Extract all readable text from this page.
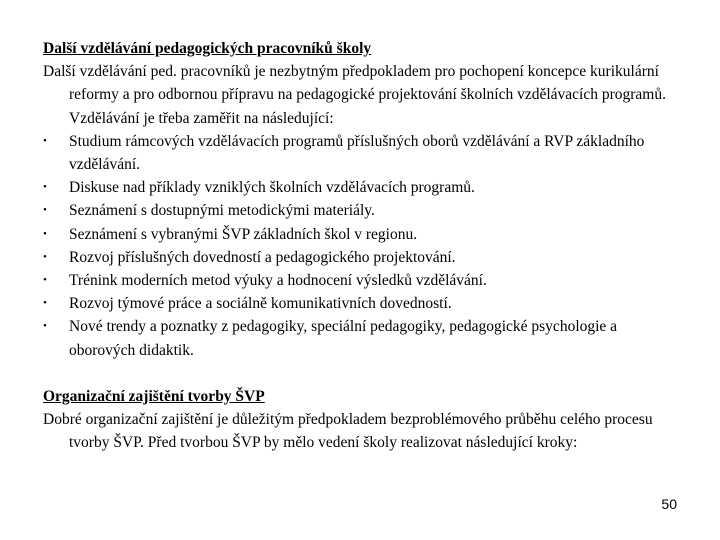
Další vzdělávání pedagogických pracovníků školy
Další vzdělávání ped. pracovníků je nezbytným předpokladem pro pochopení koncepce kurikulární reformy a pro odbornou přípravu na pedagogické projektování školních vzdělávacích programů. Vzdělávání je třeba zaměřit na následující:
•	Studium rámcových vzdělávacích programů příslušných oborů vzdělávání a RVP základního vzdělávání.
•	Diskuse nad příklady vzniklých školních vzdělávacích programů.
•	Seznámení s dostupnými metodickými materiály.
•	Seznámení s vybranými ŠVP základních škol v regionu.
•	Rozvoj příslušných dovedností a pedagogického projektování.
•	Trénink moderních metod výuky a hodnocení výsledků vzdělávání.
•	Rozvoj týmové práce a sociálně komunikativních dovedností.
•	Nové trendy a poznatky z pedagogiky, speciální pedagogiky, pedagogické psychologie a oborových didaktik.
Organizační zajištění tvorby ŠVP
Dobré organizační zajištění je důležitým předpokladem bezproblémového průběhu celého procesu tvorby ŠVP. Před tvorbou ŠVP by mělo vedení školy realizovat následující kroky:
50
